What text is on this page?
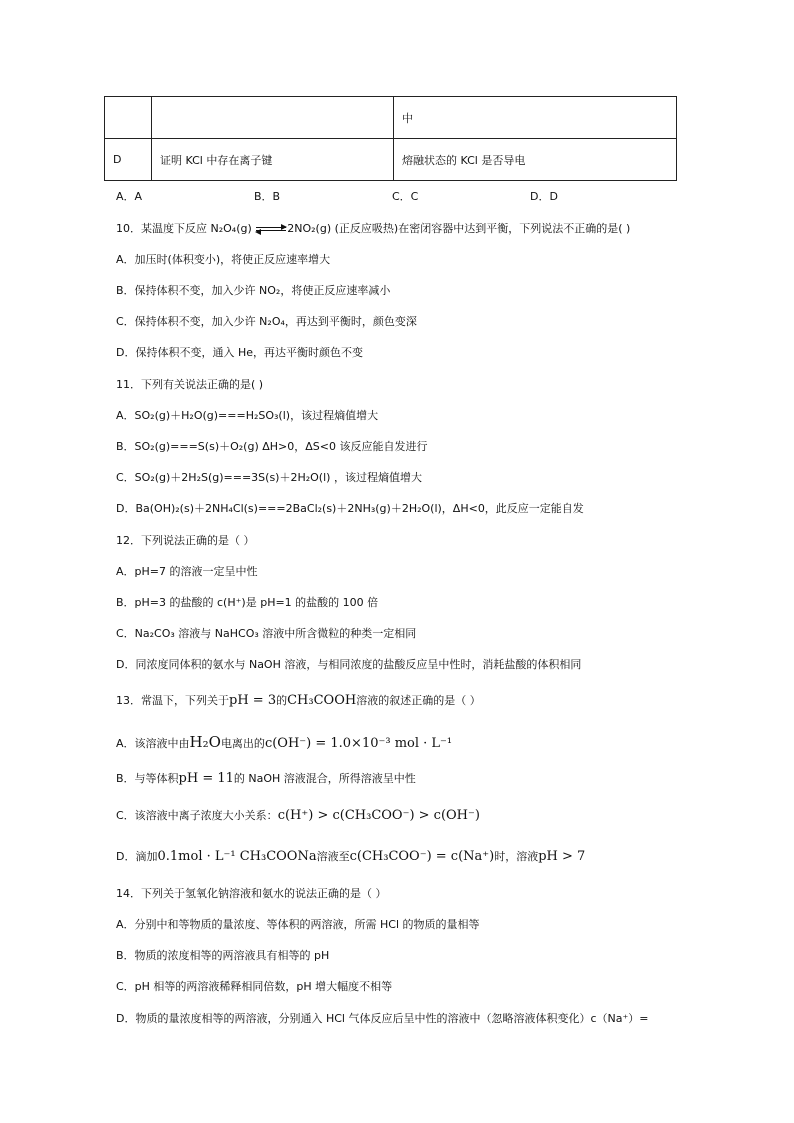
		中
D	证明 KCl 中存在离子键	熔融状态的 KCl 是否导电
A．A	B．B	C．C	D．D
10．某温度下反应 N₂O₄(g)	2NO₂(g) (正反应吸热)在密闭容器中达到平衡，下列说法不正确的是( )
A．加压时(体积变小)，将使正反应速率增大
B．保持体积不变，加入少许 NO₂，将使正反应速率减小
C．保持体积不变，加入少许 N₂O₄，再达到平衡时，颜色变深
D．保持体积不变，通入 He，再达平衡时颜色不变
11．下列有关说法正确的是( )
A．SO₂(g)＋H₂O(g)===H₂SO₃(l)，该过程熵值增大
B．SO₂(g)===S(s)＋O₂(g) ΔH>0，ΔS<0 该反应能自发进行
C．SO₂(g)＋2H₂S(g)===3S(s)＋2H₂O(l) ，该过程熵值增大
D．Ba(OH)₂(s)＋2NH₄Cl(s)===2BaCl₂(s)＋2NH₃(g)＋2H₂O(l)，ΔH<0，此反应一定能自发
12．下列说法正确的是（ ）
A．pH=7 的溶液一定呈中性
B．pH=3 的盐酸的 c(H⁺)是 pH=1 的盐酸的 100 倍
C．Na₂CO₃ 溶液与 NaHCO₃ 溶液中所含微粒的种类一定相同
D．同浓度同体积的氨水与 NaOH 溶液，与相同浓度的盐酸反应呈中性时，消耗盐酸的体积相同
13．常温下，下列关于pH = 3的CH₃COOH溶液的叙述正确的是（ ）
A．该溶液中由H₂O电离出的c(OH⁻) = 1.0×10⁻³ mol · L⁻¹
B．与等体积pH = 11的 NaOH 溶液混合，所得溶液呈中性
C．该溶液中离子浓度大小关系：c(H⁺) > c(CH₃COO⁻) > c(OH⁻)
D．滴加0.1mol · L⁻¹ CH₃COONa溶液至c(CH₃COO⁻) = c(Na⁺)时，溶液pH > 7
14．下列关于氢氧化钠溶液和氨水的说法正确的是（ ）
A．分别中和等物质的量浓度、等体积的两溶液，所需 HCl 的物质的量相等
B．物质的浓度相等的两溶液具有相等的 pH
C．pH 相等的两溶液稀释相同倍数，pH 增大幅度不相等
D．物质的量浓度相等的两溶液，分别通入 HCl 气体反应后呈中性的溶液中（忽略溶液体积变化）c（Na⁺）=
